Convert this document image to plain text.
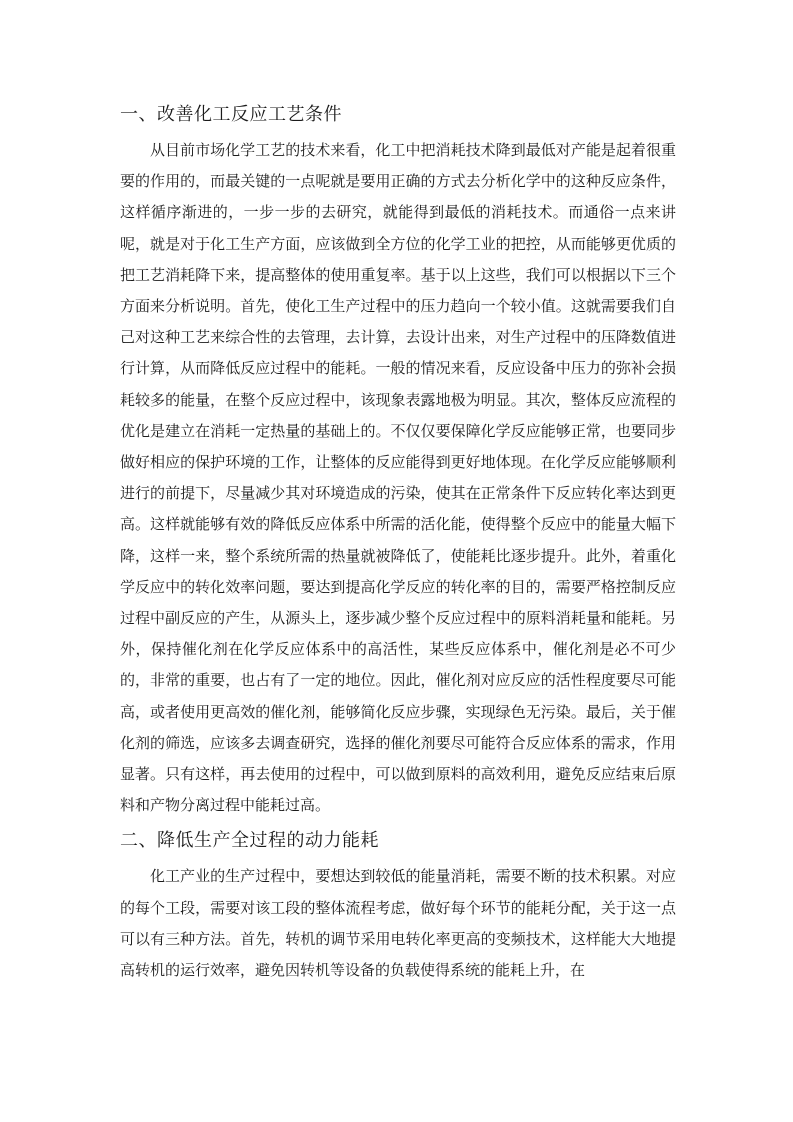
一、改善化工反应工艺条件

从目前市场化学工艺的技术来看，化工中把消耗技术降到最低对产能是起着很重要的作用的，而最关键的一点呢就是要用正确的方式去分析化学中的这种反应条件，这样循序渐进的，一步一步的去研究，就能得到最低的消耗技术。而通俗一点来讲呢，就是对于化工生产方面，应该做到全方位的化学工业的把控，从而能够更优质的把工艺消耗降下来，提高整体的使用重复率。基于以上这些，我们可以根据以下三个方面来分析说明。首先，使化工生产过程中的压力趋向一个较小值。这就需要我们自己对这种工艺来综合性的去管理，去计算，去设计出来，对生产过程中的压降数值进行计算，从而降低反应过程中的能耗。一般的情况来看，反应设备中压力的弥补会损耗较多的能量，在整个反应过程中，该现象表露地极为明显。其次，整体反应流程的优化是建立在消耗一定热量的基础上的。不仅仅要保障化学反应能够正常，也要同步做好相应的保护环境的工作，让整体的反应能得到更好地体现。在化学反应能够顺利进行的前提下，尽量减少其对环境造成的污染，使其在正常条件下反应转化率达到更高。这样就能够有效的降低反应体系中所需的活化能，使得整个反应中的能量大幅下降，这样一来，整个系统所需的热量就被降低了，使能耗比逐步提升。此外，着重化学反应中的转化效率问题，要达到提高化学反应的转化率的目的，需要严格控制反应过程中副反应的产生，从源头上，逐步减少整个反应过程中的原料消耗量和能耗。另外，保持催化剂在化学反应体系中的高活性，某些反应体系中，催化剂是必不可少的，非常的重要，也占有了一定的地位。因此，催化剂对应反应的活性程度要尽可能高，或者使用更高效的催化剂，能够简化反应步骤，实现绿色无污染。最后，关于催化剂的筛选，应该多去调查研究，选择的催化剂要尽可能符合反应体系的需求，作用显著。只有这样，再去使用的过程中，可以做到原料的高效利用，避免反应结束后原料和产物分离过程中能耗过高。

二、降低生产全过程的动力能耗

化工产业的生产过程中，要想达到较低的能量消耗，需要不断的技术积累。对应的每个工段，需要对该工段的整体流程考虑，做好每个环节的能耗分配，关于这一点可以有三种方法。首先，转机的调节采用电转化率更高的变频技术，这样能大大地提高转机的运行效率，避免因转机等设备的负载使得系统的能耗上升，在
